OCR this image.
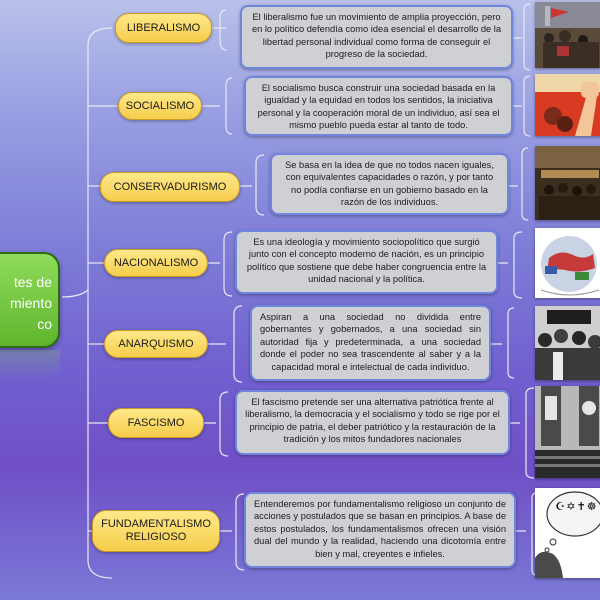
tes de
miento
co
LIBERALISMO
SOCIALISMO
CONSERVADURISMO
NACIONALISMO
ANARQUISMO
FASCISMO
FUNDAMENTALISMO
RELIGIOSO
El liberalismo fue un movimiento de amplia proyección, pero en lo político defendía como idea esencial el desarrollo de la libertad personal individual como forma de conseguir el progreso de la sociedad.
El socialismo busca construir una sociedad basada en la igualdad y la equidad en todos los sentidos, la iniciativa personal y la cooperación moral de un individuo, así sea el mismo pueblo pueda estar al tanto de todo.
Se basa en la idea de que no todos nacen iguales, con equivalentes capacidades o razón, y por tanto no podía confiarse en un gobierno basado en la razón de los individuos.
Es una ideología y movimiento sociopolítico que surgió junto con el concepto moderno de nación, es un principio político que sostiene que debe haber congruencia entre la unidad nacional y la política.
Aspiran a una sociedad no dividida entre gobernantes y gobernados, a una sociedad sin autoridad fija y predeterminada, a una sociedad donde el poder no sea trascendente al saber y a la capacidad moral e intelectual de cada individuo.
El fascismo pretende ser una alternativa patriótica frente al liberalismo, la democracia y el socialismo y todo se rige por el principio de patria, el deber patriótico y la restauración de la tradición y los mitos fundadores nacionales
Entenderemos por fundamentalismo religioso un conjunto de acciones y postulados que se basan en principios. A base de estos postulados, los fundamentalismos ofrecen una visión dual del mundo y la realidad, haciendo una dicotomía entre bien y mal, creyentes e infieles.
☪ ✡ ✝ ☸
